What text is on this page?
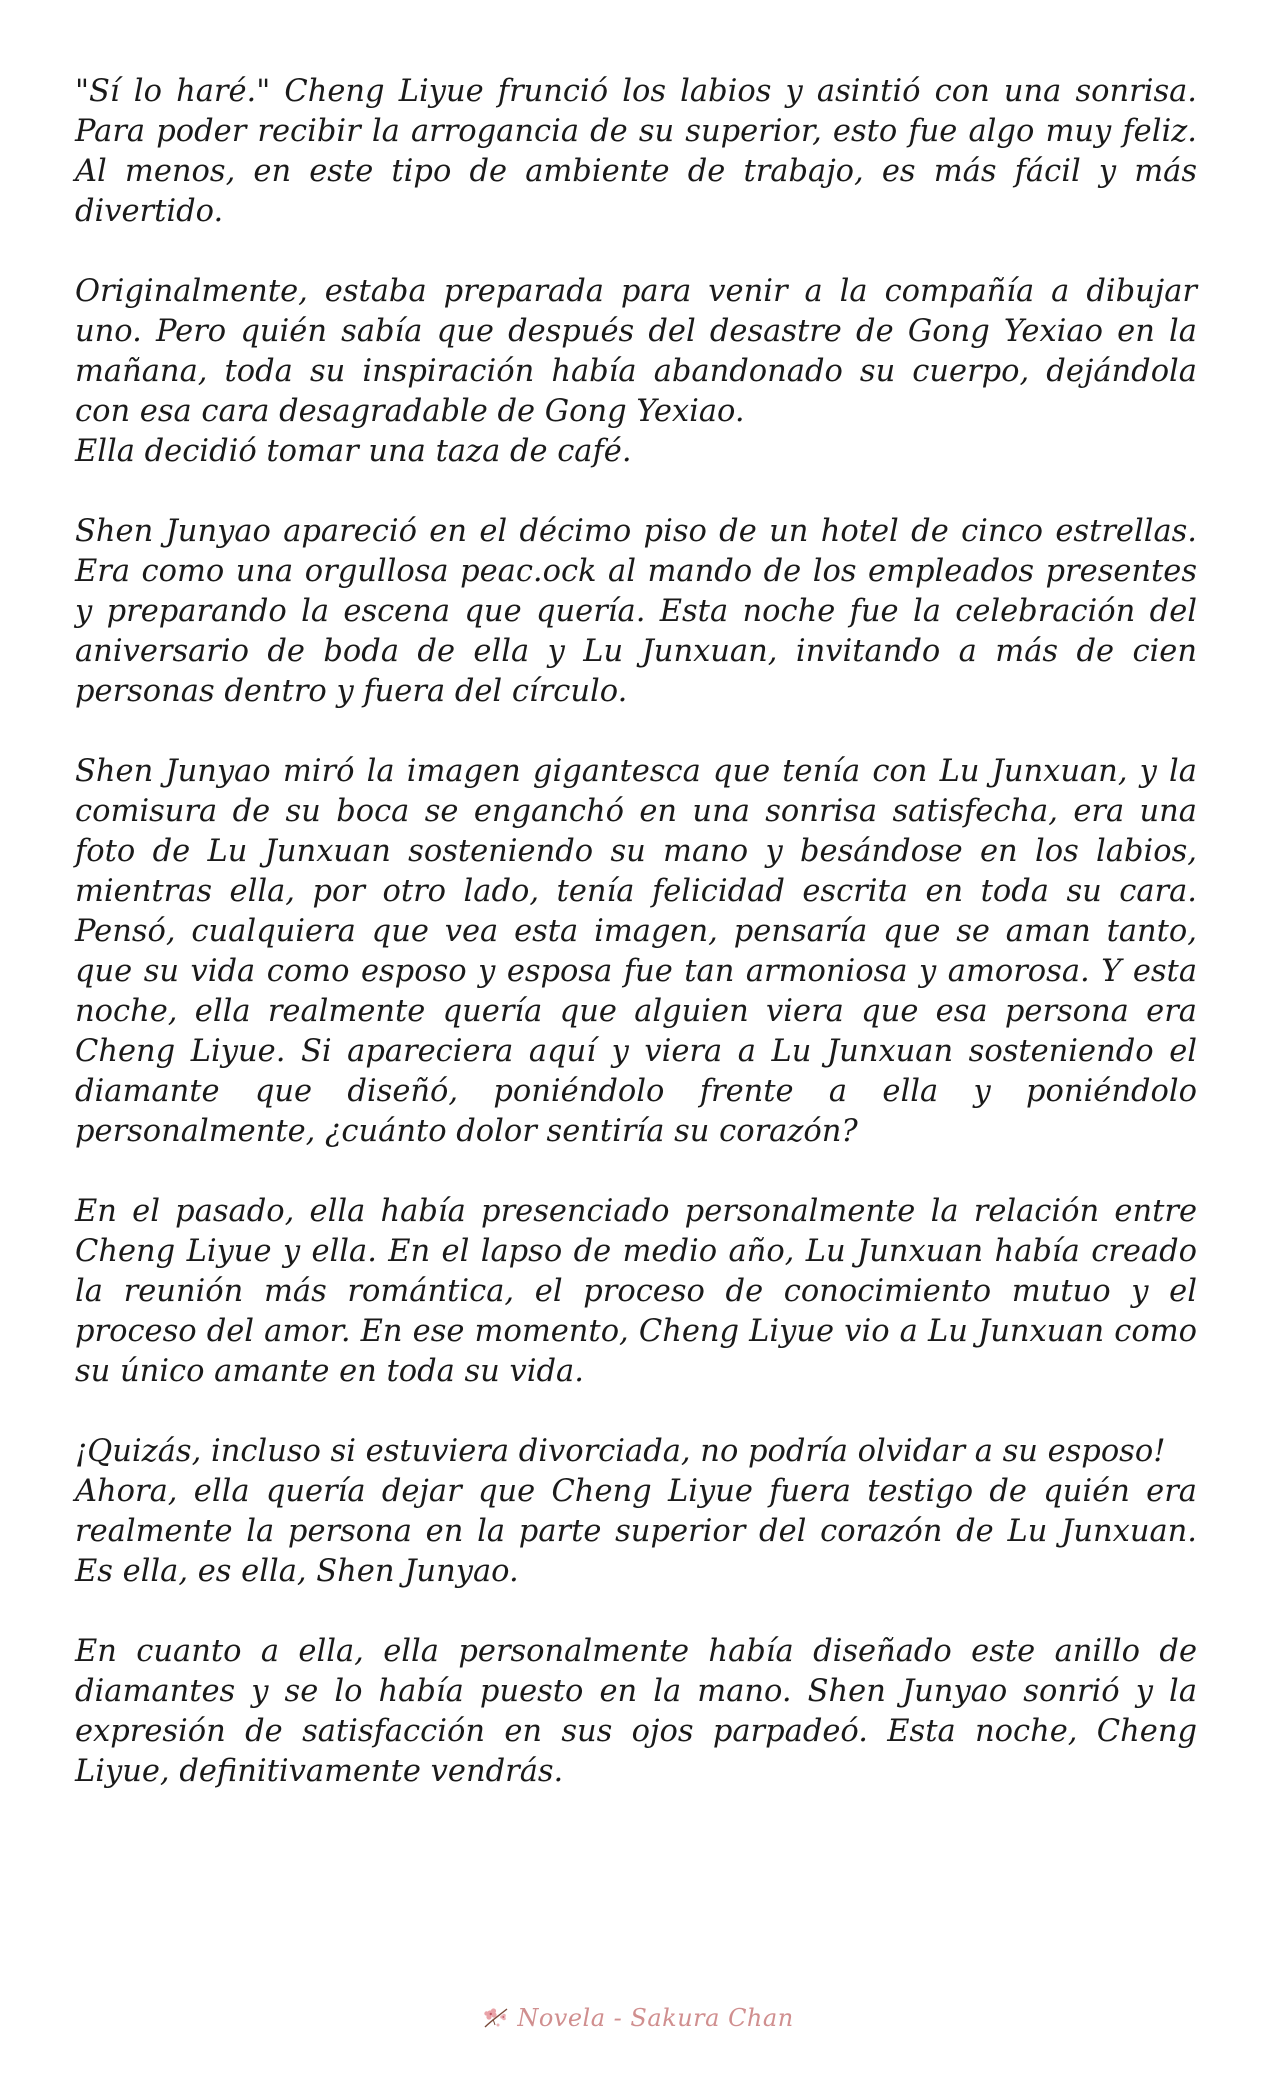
"Sí lo haré." Cheng Liyue frunció los labios y asintió con una sonrisa. Para poder recibir la arrogancia de su superior, esto fue algo muy feliz. Al menos, en este tipo de ambiente de trabajo, es más fácil y más divertido.

Originalmente, estaba preparada para venir a la compañía a dibujar uno. Pero quién sabía que después del desastre de Gong Yexiao en la mañana, toda su inspiración había abandonado su cuerpo, dejándola con esa cara desagradable de Gong Yexiao.

Ella decidió tomar una taza de café.

Shen Junyao apareció en el décimo piso de un hotel de cinco estrellas. Era como una orgullosa peac.ock al mando de los empleados presentes y preparando la escena que quería. Esta noche fue la celebración del aniversario de boda de ella y Lu Junxuan, invitando a más de cien personas dentro y fuera del círculo.

Shen Junyao miró la imagen gigantesca que tenía con Lu Junxuan, y la comisura de su boca se enganchó en una sonrisa satisfecha, era una foto de Lu Junxuan sosteniendo su mano y besándose en los labios, mientras ella, por otro lado, tenía felicidad escrita en toda su cara. Pensó, cualquiera que vea esta imagen, pensaría que se aman tanto, que su vida como esposo y esposa fue tan armoniosa y amorosa. Y esta noche, ella realmente quería que alguien viera que esa persona era Cheng Liyue. Si apareciera aquí y viera a Lu Junxuan sosteniendo el diamante que diseñó, poniéndolo frente a ella y poniéndolo personalmente, ¿cuánto dolor sentiría su corazón?

En el pasado, ella había presenciado personalmente la relación entre Cheng Liyue y ella. En el lapso de medio año, Lu Junxuan había creado la reunión más romántica, el proceso de conocimiento mutuo y el proceso del amor. En ese momento, Cheng Liyue vio a Lu Junxuan como su único amante en toda su vida.

¡Quizás, incluso si estuviera divorciada, no podría olvidar a su esposo!

Ahora, ella quería dejar que Cheng Liyue fuera testigo de quién era realmente la persona en la parte superior del corazón de Lu Junxuan. Es ella, es ella, Shen Junyao.

En cuanto a ella, ella personalmente había diseñado este anillo de diamantes y se lo había puesto en la mano. Shen Junyao sonrió y la expresión de satisfacción en sus ojos parpadeó. Esta noche, Cheng Liyue, definitivamente vendrás.

Novela - Sakura Chan
